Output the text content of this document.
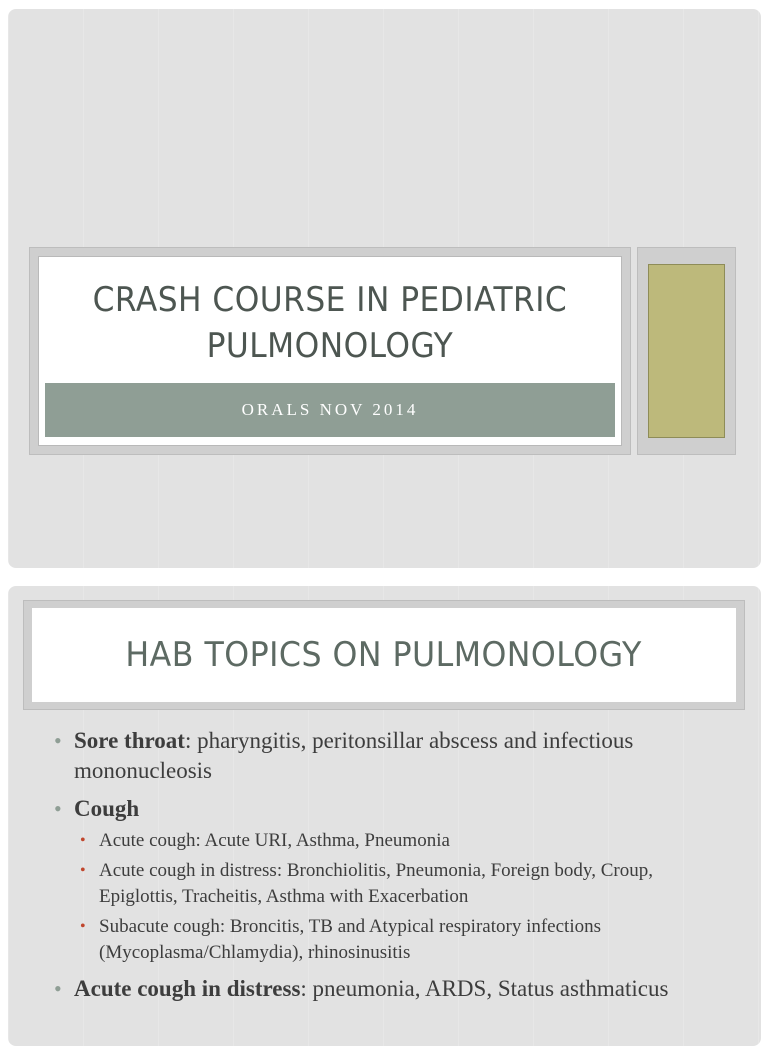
CRASH COURSE IN PEDIATRIC
PULMONOLOGY
ORALS NOV 2014
HAB TOPICS ON PULMONOLOGY
• Sore throat: pharyngitis, peritonsillar abscess and infectious mononucleosis
• Cough
• Acute cough: Acute URI, Asthma, Pneumonia
• Acute cough in distress: Bronchiolitis, Pneumonia, Foreign body, Croup, Epiglottis, Tracheitis, Asthma with Exacerbation
• Subacute cough: Broncitis, TB and Atypical respiratory infections (Mycoplasma/Chlamydia), rhinosinusitis
• Acute cough in distress: pneumonia, ARDS, Status asthmaticus
